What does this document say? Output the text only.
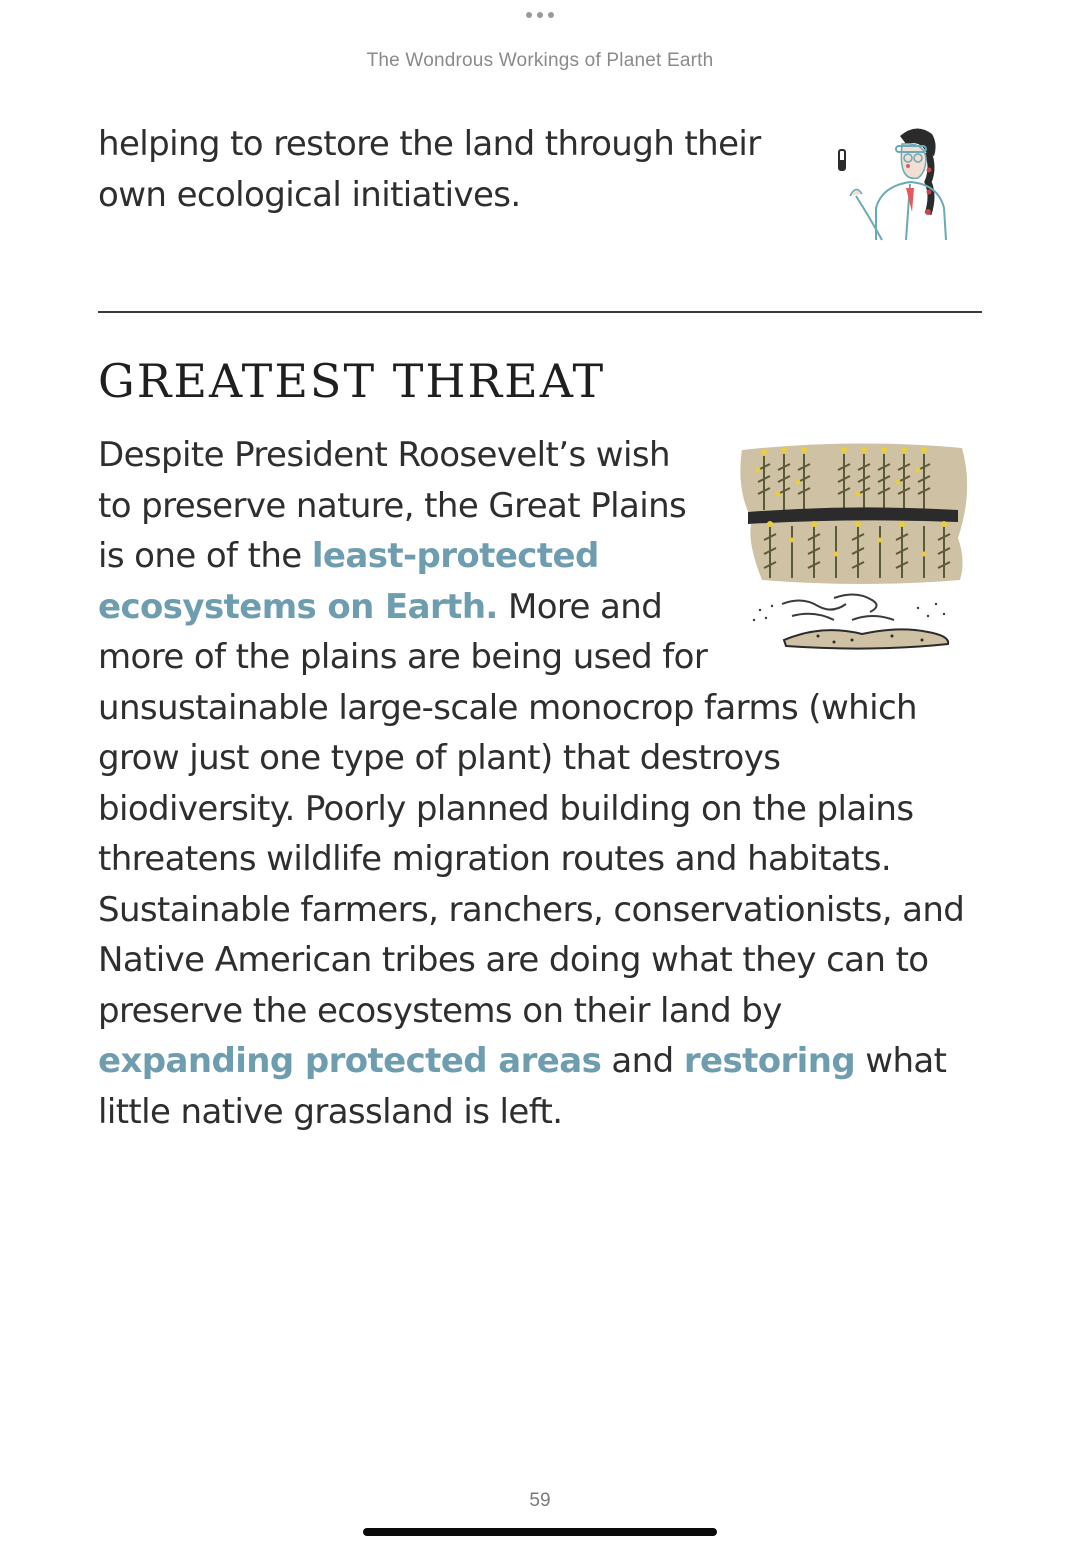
The Wondrous Workings of Planet Earth
helping to restore the land through their own ecological initiatives.
GREATEST THREAT

Despite President Roosevelt’s wish to preserve nature, the Great Plains is one of the least-protected ecosystems on Earth. More and more of the plains are being used for unsustainable large-scale monocrop farms (which grow just one type of plant) that destroys biodiversity. Poorly planned building on the plains threatens wildlife migration routes and habitats. Sustainable farmers, ranchers, conservationists, and Native American tribes are doing what they can to preserve the ecosystems on their land by expanding protected areas and restoring what little native grassland is left.

59
